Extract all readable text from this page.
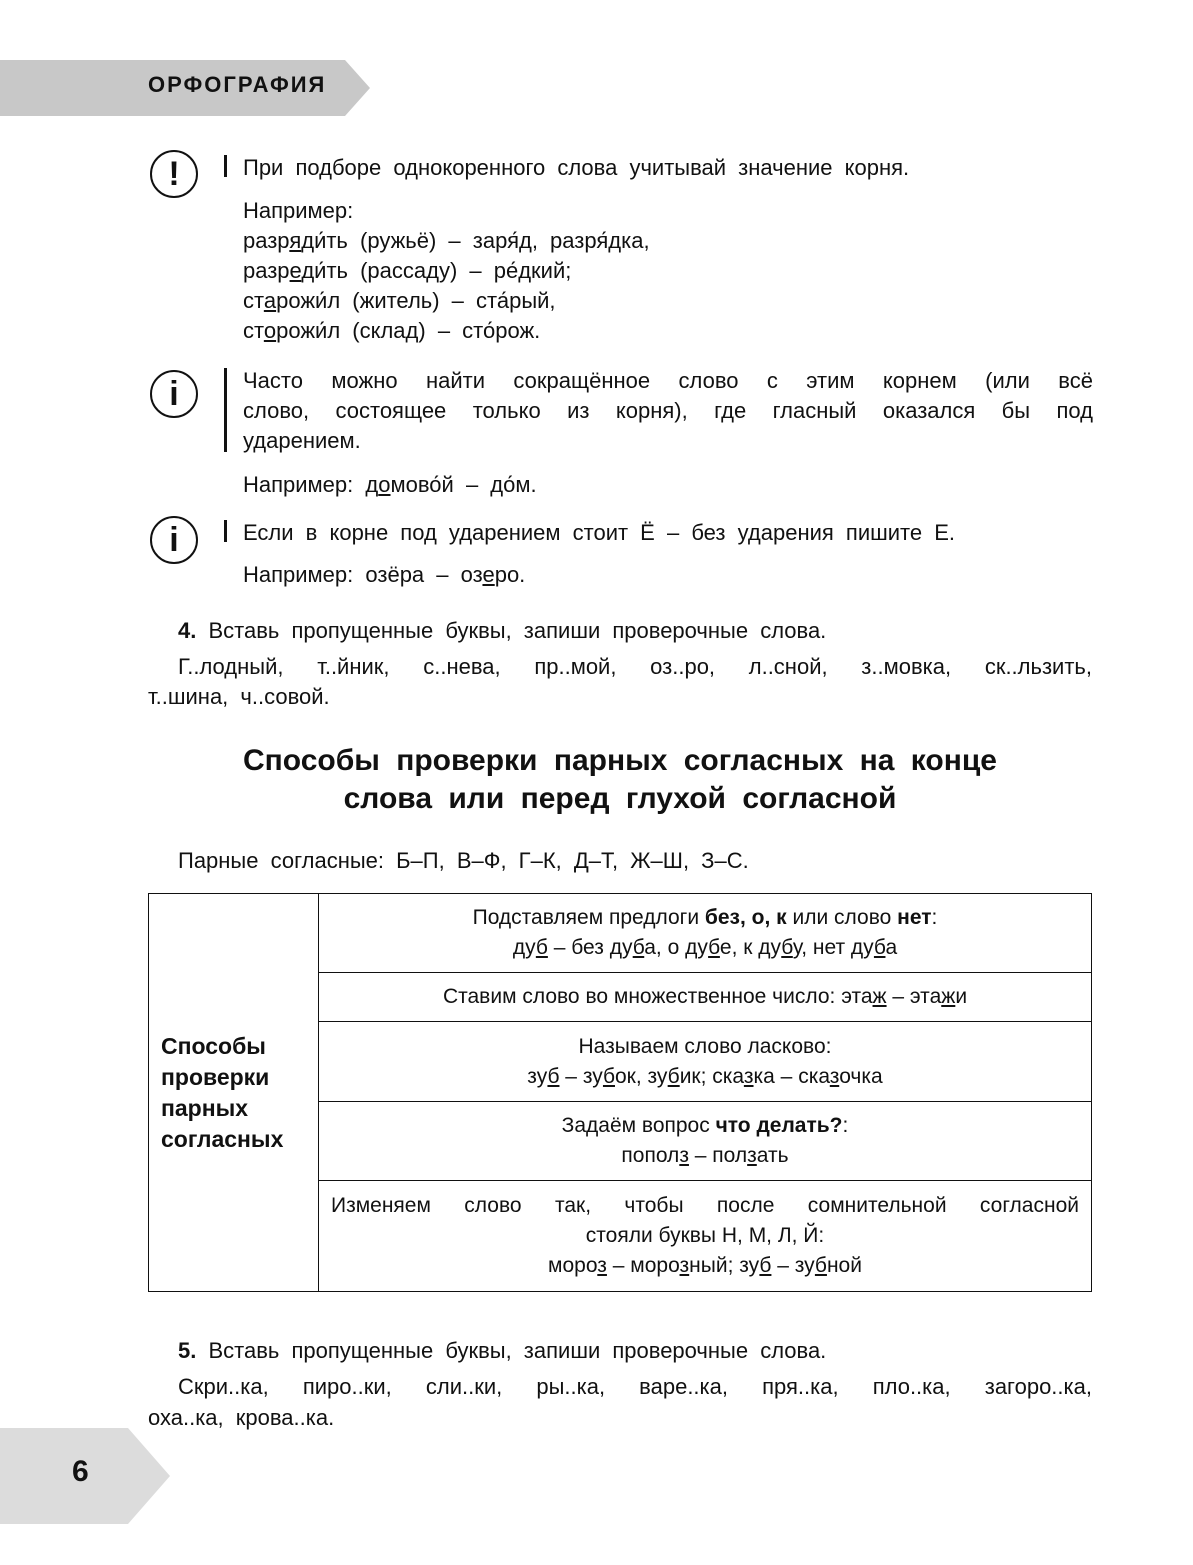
ОРФОГРАФИЯ
!	При подборе однокоренного слова учитывай значение корня.
Например:
разряди́ть (ружьё) – заря́д, разря́дка,
разреди́ть (рассаду) – ре́дкий;
старожи́л (житель) – ста́рый,
сторожи́л (склад) – сто́рож.
i	Часто можно найти сокращённое слово с этим корнем (или всё
слово, состоящее только из корня), где гласный оказался бы под
ударением.
Например: домово́й – до́м.
i	Если в корне под ударением стоит Ё – без ударения пишите Е.
Например: озёра – озеро.
4. Вставь пропущенные буквы, запиши проверочные слова.
Г..лодный, т..йник, с..нева, пр..мой, оз..ро, л..сной, з..мовка, ск..льзить,
т..шина, ч..совой.
Способы проверки парных согласных на конце
слова или перед глухой согласной
Парные согласные: Б–П, В–Ф, Г–К, Д–Т, Ж–Ш, З–С.
Способы проверки парных согласных	
Подставляем предлоги без, о, к или слово нет:
дуб – без дуба, о дубе, к дубу, нет дуба

Ставим слово во множественное число: этаж – этажи

Называем слово ласково:
зуб – зубок, зубик; сказка – сказочка

Задаём вопрос что делать?:
пополз – ползать

Изменяем слово так, чтобы после сомнительной согласной
стояли буквы Н, М, Л, Й:
мороз – морозный; зуб – зубной
5. Вставь пропущенные буквы, запиши проверочные слова.
Скри..ка, пиро..ки, сли..ки, ры..ка, варе..ка, пря..ка, пло..ка, загоро..ка,
оха..ка, крова..ка.
6
